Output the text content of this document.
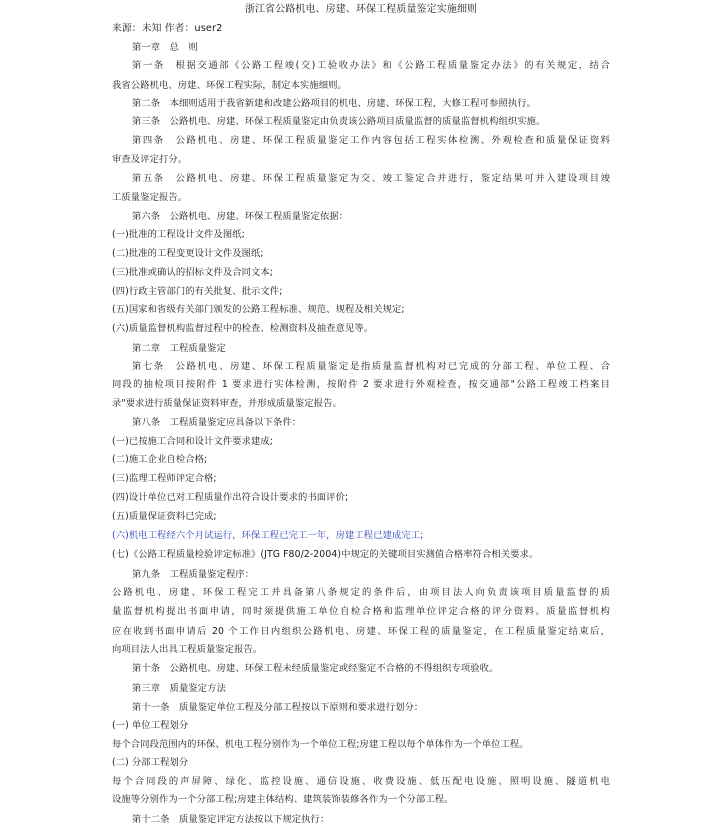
浙江省公路机电、房建、环保工程质量鉴定实施细则
来源：未知 作者：user2
第一章　总　则
第一条　根据交通部《公路工程竣(交)工验收办法》和《公路工程质量鉴定办法》的有关规定，结合
我省公路机电、房建、环保工程实际，制定本实施细则。
第二条　本细则适用于我省新建和改建公路项目的机电、房建、环保工程，大修工程可参照执行。
第三条　公路机电、房建、环保工程质量鉴定由负责该公路项目质量监督的质量监督机构组织实施。
第四条　公路机电、房建、环保工程质量鉴定工作内容包括工程实体检测、外观检查和质量保证资料
审查及评定打分。
第五条　公路机电、房建、环保工程质量鉴定为交、竣工鉴定合并进行，鉴定结果可并入建设项目竣
工质量鉴定报告。
第六条　公路机电、房建、环保工程质量鉴定依据：
(一)批准的工程设计文件及图纸;
(二)批准的工程变更设计文件及图纸;
(三)批准或确认的招标文件及合同文本;
(四)行政主管部门的有关批复、批示文件;
(五)国家和省级有关部门颁发的公路工程标准、规范、规程及相关规定;
(六)质量监督机构监督过程中的检查、检测资料及抽查意见等。
第二章　工程质量鉴定
第七条　公路机电、房建、环保工程质量鉴定是指质量监督机构对已完成的分部工程、单位工程、合
同段的抽检项目按附件 1 要求进行实体检测，按附件 2 要求进行外观检查，按交通部"公路工程竣工档案目
录"要求进行质量保证资料审查，并形成质量鉴定报告。
第八条　工程质量鉴定应具备以下条件：
(一)已按施工合同和设计文件要求建成;
(二)施工企业自检合格;
(三)监理工程师评定合格;
(四)设计单位已对工程质量作出符合设计要求的书面评价;
(五)质量保证资料已完成;
(六)机电工程经六个月试运行，环保工程已完工一年，房建工程已建成完工;
(七)《公路工程质量检验评定标准》(JTG F80/2-2004)中规定的关键项目实测值合格率符合相关要求。
第九条　工程质量鉴定程序：
公路机电、房建、环保工程完工并具备第八条规定的条件后，由项目法人向负责该项目质量监督的质
量监督机构提出书面申请，同时须提供施工单位自检合格和监理单位评定合格的评分资料。质量监督机构
应在收到书面申请后 20 个工作日内组织公路机电、房建、环保工程的质量鉴定，在工程质量鉴定结束后，
向项目法人出具工程质量鉴定报告。
第十条　公路机电、房建、环保工程未经质量鉴定或经鉴定不合格的不得组织专项验收。
第三章　质量鉴定方法
第十一条　质量鉴定单位工程及分部工程按以下原则和要求进行划分：
(一) 单位工程划分
每个合同段范围内的环保、机电工程分别作为一个单位工程;房建工程以每个单体作为一个单位工程。
(二) 分部工程划分
每个合同段的声屏障、绿化、监控设施、通信设施、收费设施、低压配电设施、照明设施、隧道机电
设施等分别作为一个分部工程;房建主体结构、建筑装饰装修各作为一个分部工程。
第十二条　质量鉴定评定方法按以下规定执行：
